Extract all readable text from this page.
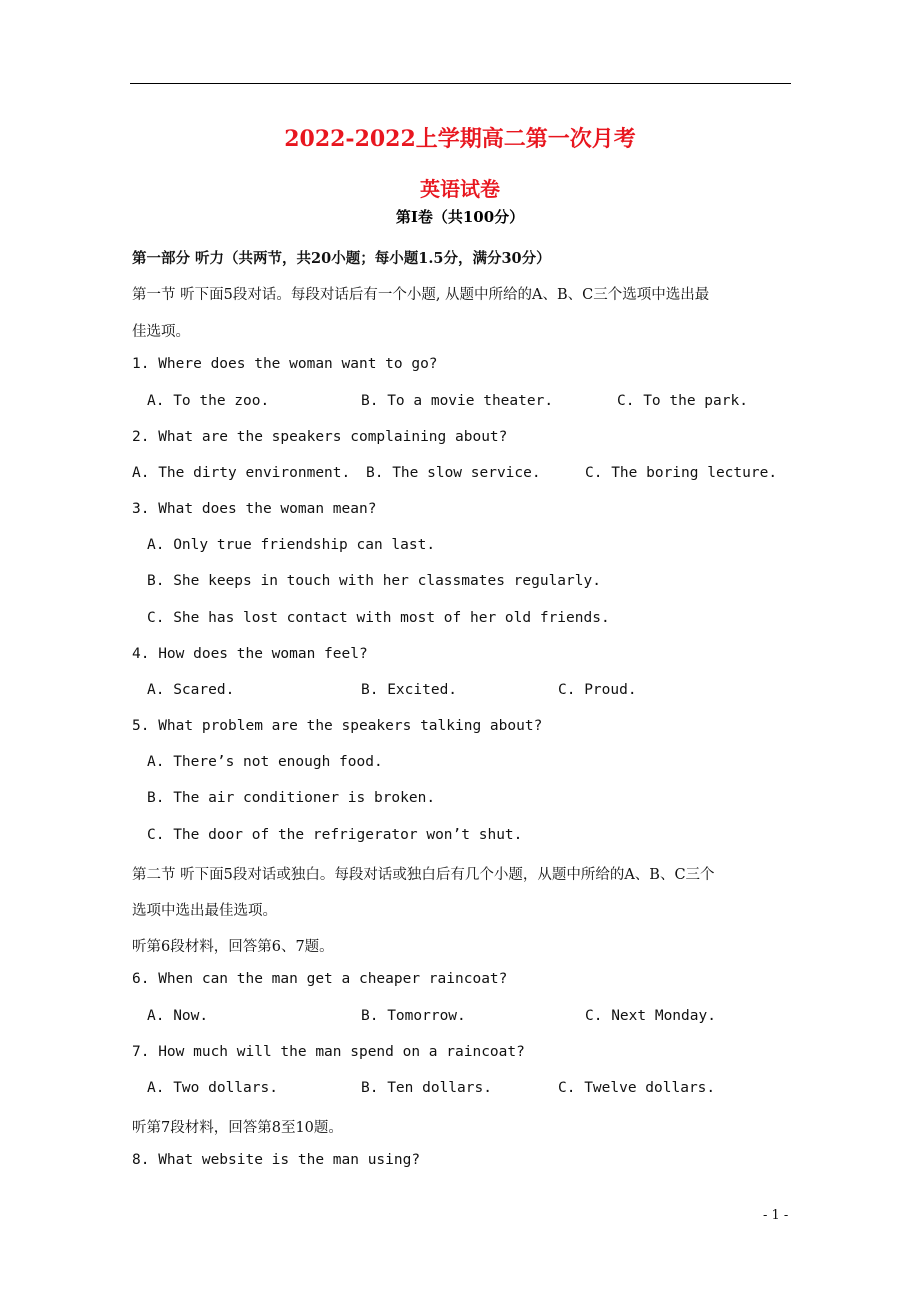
2022-2022上学期高二第一次月考
英语试卷
第Ⅰ卷（共100分）
第一部分 听力（共两节，共20小题；每小题1.5分，满分30分）
第一节 听下面5段对话。每段对话后有一个小题, 从题中所给的A、B、C三个选项中选出最
佳选项。
1. Where does the woman want to go?
A. To the zoo.	B. To a movie theater.	C. To the park.
2. What are the speakers complaining about?
A. The dirty environment. B. The slow service.	C. The boring lecture.
3. What does the woman mean?
A. Only true friendship can last.
B. She keeps in touch with her classmates regularly.
C. She has lost contact with most of her old friends.
4. How does the woman feel?
A. Scared.	B. Excited.	C. Proud.
5. What problem are the speakers talking about?
A. There’s not enough food.
B. The air conditioner is broken.
C. The door of the refrigerator won’t shut.
第二节 听下面5段对话或独白。每段对话或独白后有几个小题，从题中所给的A、B、C三个
选项中选出最佳选项。
听第6段材料，回答第6、7题。
6. When can the man get a cheaper raincoat?
A. Now.	B. Tomorrow.	C. Next Monday.
7. How much will the man spend on a raincoat?
A. Two dollars.	B. Ten dollars.	C. Twelve dollars.
听第7段材料，回答第8至10题。
8. What website is the man using?
- 1 -
